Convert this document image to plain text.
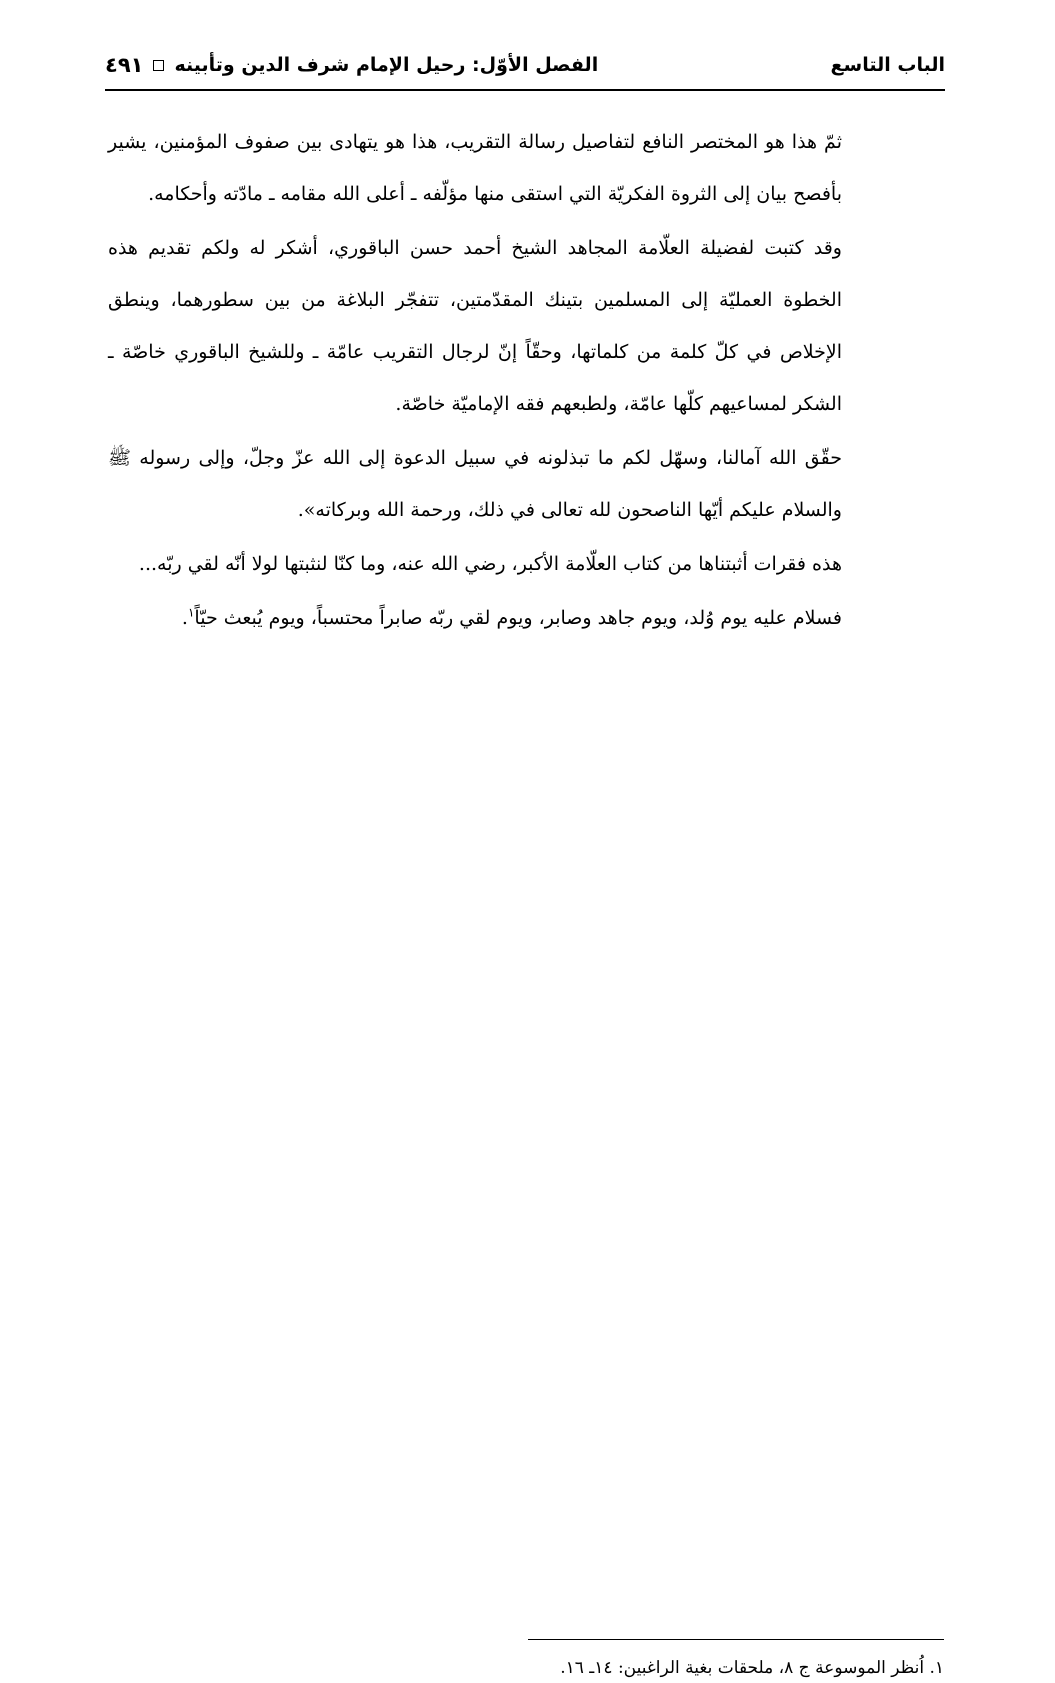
الباب التاسع
الفصل الأوّل: رحيل الإمام شرف الدين وتأبينه
٤٩١

ثمّ هذا هو المختصر النافع لتفاصيل رسالة التقريب، هذا هو يتهادى بين صفوف المؤمنين، يشير بأفصح بيان إلى الثروة الفكريّة التي استقى منها مؤلّفه ـ أعلى الله مقامه ـ مادّته وأحكامه.

وقد كتبت لفضيلة العلّامة المجاهد الشيخ أحمد حسن الباقوري، أشكر له ولكم تقديم هذه الخطوة العمليّة إلى المسلمين بتينك المقدّمتين، تتفجّر البلاغة من بين سطورهما، وينطق الإخلاص في كلّ كلمة من كلماتها، وحقّاً إنّ لرجال التقريب عامّة ـ وللشيخ الباقوري خاصّة ـ الشكر لمساعيهم كلّها عامّة، ولطبعهم فقه الإماميّة خاصّة.

حقّق الله آمالنا، وسهّل لكم ما تبذلونه في سبيل الدعوة إلى الله عزّ وجلّ، وإلى رسوله ﷺ والسلام عليكم أيّها الناصحون لله تعالى في ذلك، ورحمة الله وبركاته».

هذه فقرات أثبتناها من كتاب العلّامة الأكبر، رضي الله عنه، وما كنّا لنثبتها لولا أنّه لقي ربّه...

فسلام عليه يوم وُلد، ويوم جاهد وصابر، ويوم لقي ربّه صابراً محتسباً، ويوم يُبعث حيّاً$^١$.

١. اُنظر الموسوعة ج ٨، ملحقات بغية الراغبين: ١٤ـ ١٦.
